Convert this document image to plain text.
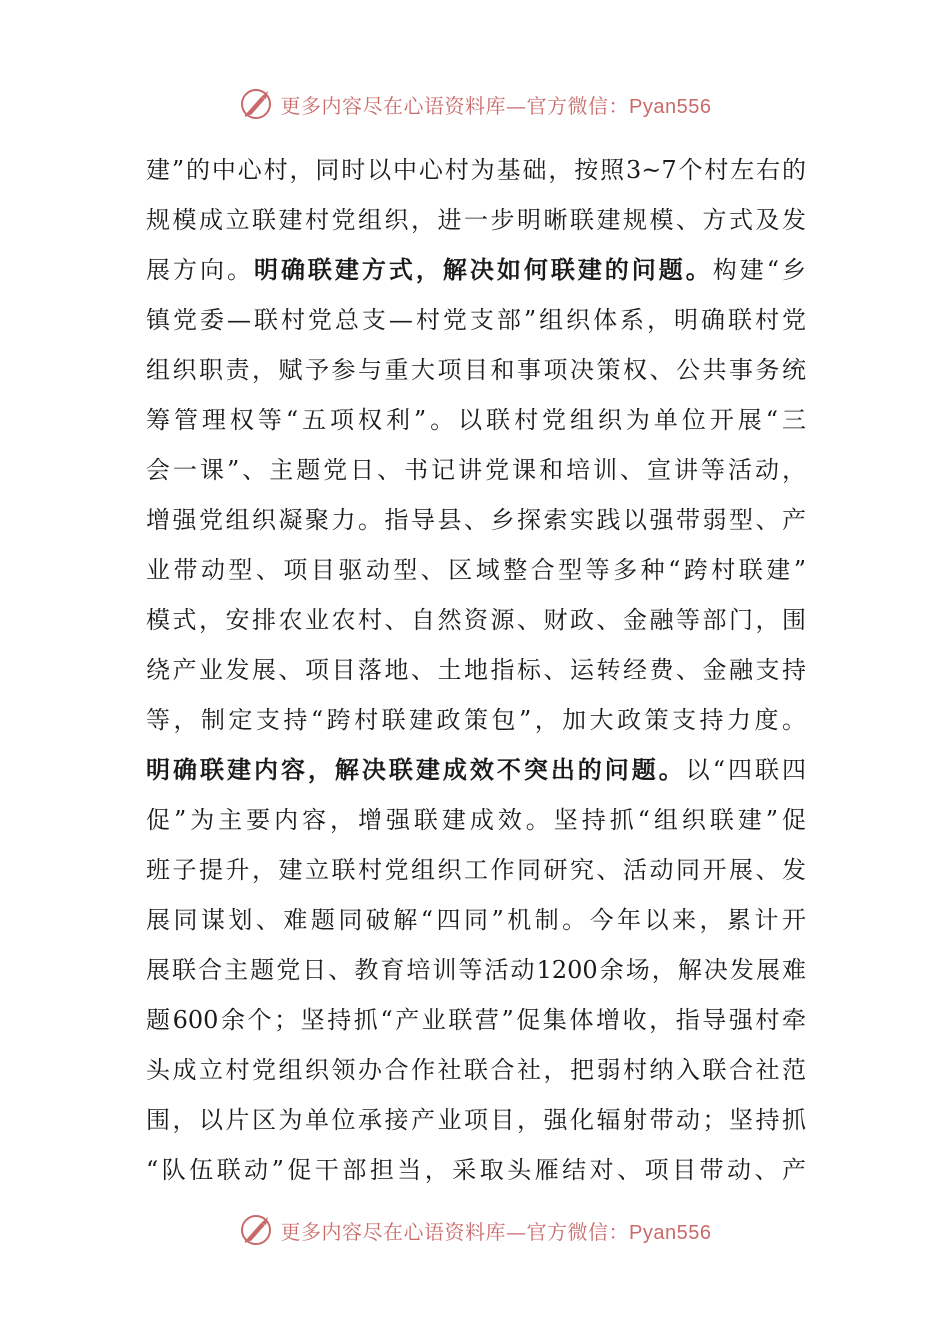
更多内容尽在心语资料库—官方微信：Pyan556
建”的中心村，同时以中心村为基础，按照3~7个村左右的
规模成立联建村党组织，进一步明晰联建规模、方式及发
展方向。明确联建方式，解决如何联建的问题。构建“乡
镇党委—联村党总支—村党支部”组织体系，明确联村党
组织职责，赋予参与重大项目和事项决策权、公共事务统
筹管理权等“五项权利”。以联村党组织为单位开展“三
会一课”、主题党日、书记讲党课和培训、宣讲等活动，
增强党组织凝聚力。指导县、乡探索实践以强带弱型、产
业带动型、项目驱动型、区域整合型等多种“跨村联建”
模式，安排农业农村、自然资源、财政、金融等部门，围
绕产业发展、项目落地、土地指标、运转经费、金融支持
等，制定支持“跨村联建政策包”，加大政策支持力度。
明确联建内容，解决联建成效不突出的问题。以“四联四
促”为主要内容，增强联建成效。坚持抓“组织联建”促
班子提升，建立联村党组织工作同研究、活动同开展、发
展同谋划、难题同破解“四同”机制。今年以来，累计开
展联合主题党日、教育培训等活动1200余场，解决发展难
题600余个；坚持抓“产业联营”促集体增收，指导强村牵
头成立村党组织领办合作社联合社，把弱村纳入联合社范
围，以片区为单位承接产业项目，强化辐射带动；坚持抓
“队伍联动”促干部担当，采取头雁结对、项目带动、产
更多内容尽在心语资料库—官方微信：Pyan556
